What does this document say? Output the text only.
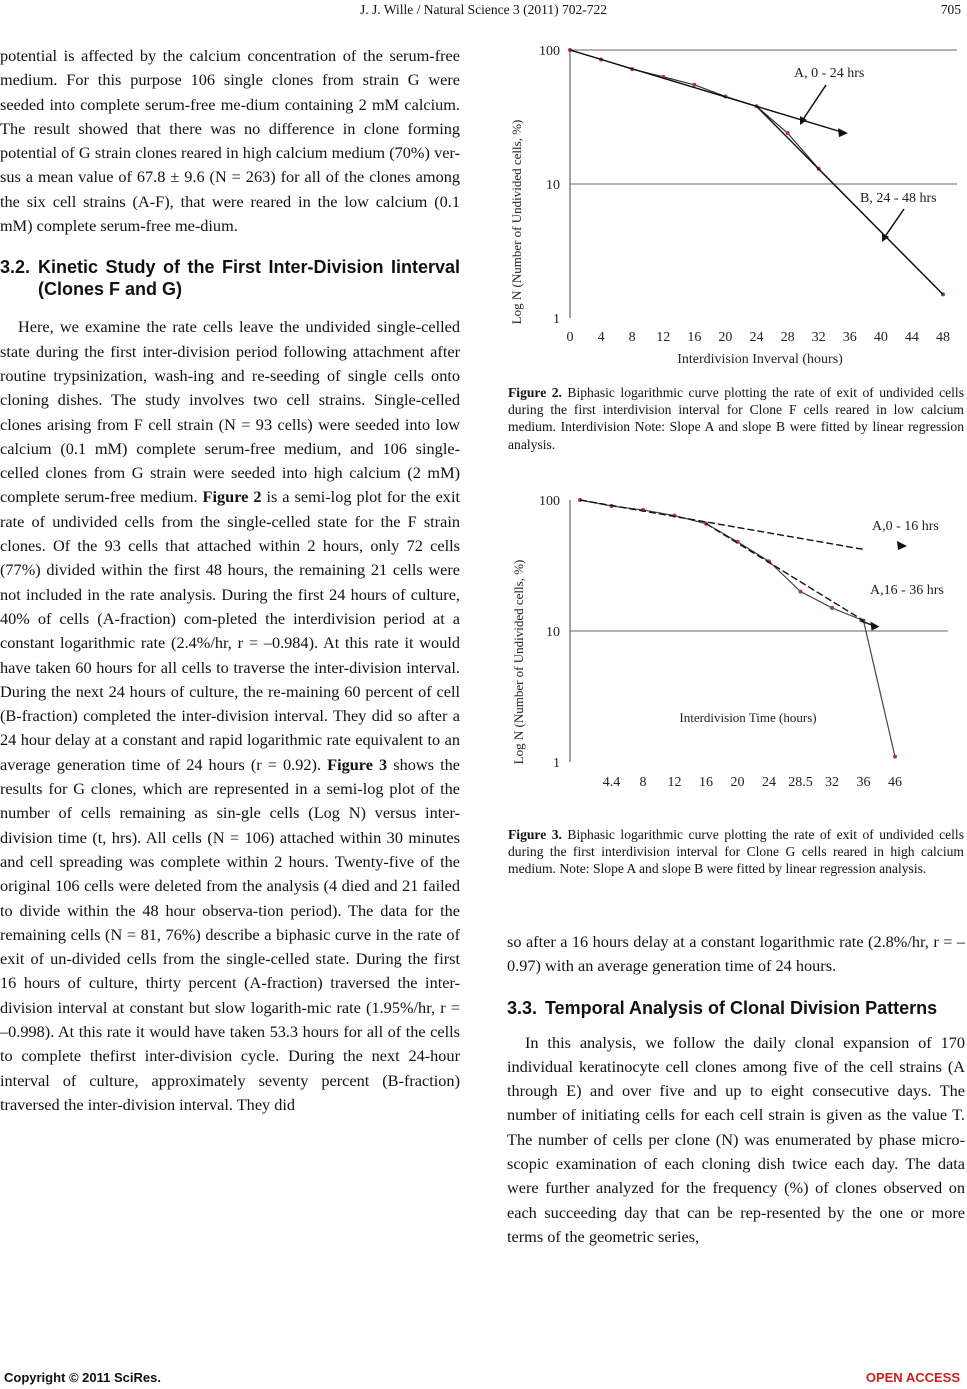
J. J. Wille / Natural Science 3 (2011) 702-722	705

potential is affected by the calcium concentration of the serum-free medium. For this purpose 106 single clones from strain G were seeded into complete serum-free me-dium containing 2 mM calcium. The result showed that there was no difference in clone forming potential of G strain clones reared in high calcium medium (70%) ver-sus a mean value of 67.8 ± 9.6 (N = 263) for all of the clones among the six cell strains (A-F), that were reared in the low calcium (0.1 mM) complete serum-free me-dium.

3.2. Kinetic Study of the First Inter-Division Iinterval (Clones F and G)

Here, we examine the rate cells leave the undivided single-celled state during the first inter-division period following attachment after routine trypsinization, wash-ing and re-seeding of single cells onto cloning dishes. The study involves two cell strains. Single-celled clones arising from F cell strain (N = 93 cells) were seeded into low calcium (0.1 mM) complete serum-free medium, and 106 single-celled clones from G strain were seeded into high calcium (2 mM) complete serum-free medium. Figure 2 is a semi-log plot for the exit rate of undivided cells from the single-celled state for the F strain clones. Of the 93 cells that attached within 2 hours, only 72 cells (77%) divided within the first 48 hours, the remaining 21 cells were not included in the rate analysis. During the first 24 hours of culture, 40% of cells (A-fraction) com-pleted the interdivision period at a constant logarithmic rate (2.4%/hr, r = –0.984). At this rate it would have taken 60 hours for all cells to traverse the inter-division interval. During the next 24 hours of culture, the re-maining 60 percent of cell (B-fraction) completed the inter-division interval. They did so after a 24 hour delay at a constant and rapid logarithmic rate equivalent to an average generation time of 24 hours (r = 0.92). Figure 3 shows the results for G clones, which are represented in a semi-log plot of the number of cells remaining as sin-gle cells (Log N) versus inter-division time (t, hrs). All cells (N = 106) attached within 30 minutes and cell spreading was complete within 2 hours. Twenty-five of the original 106 cells were deleted from the analysis (4 died and 21 failed to divide within the 48 hour observa-tion period). The data for the remaining cells (N = 81, 76%) describe a biphasic curve in the rate of exit of un-divided cells from the single-celled state. During the first 16 hours of culture, thirty percent (A-fraction) traversed the inter-division interval at constant but slow logarith-mic rate (1.95%/hr, r = –0.998). At this rate it would have taken 53.3 hours for all of the cells to complete thefirst inter-division cycle. During the next 24-hour interval of culture, approximately seventy percent (B-fraction) traversed the inter-division interval. They did

Log N (Number of Undivided cells, %)
Interdivision Inverval (hours)
100
10
1
0 4 8 12 16 20 24 28 32 36 40 44 48
A, 0 - 24 hrs
B, 24 - 48 hrs
Figure 2. Biphasic logarithmic curve plotting the rate of exit of undivided cells during the first interdivision interval for Clone F cells reared in low calcium medium. Interdivision Note: Slope A and slope B were fitted by linear regression analysis.
Log N (Number of Undivided cells, %)	Interdivision Time (hours)
100
10
1
4.4 8 12 16 20 24 28.5 32 36 46
A,0 - 16 hrs
A,16 - 36 hrs
Figure 3. Biphasic logarithmic curve plotting the rate of exit of undivided cells during the first interdivision interval for Clone G cells reared in high calcium medium. Note: Slope A and slope B were fitted by linear regression analysis.

so after a 16 hours delay at a constant logarithmic rate (2.8%/hr, r = –0.97) with an average generation time of 24 hours.

3.3. Temporal Analysis of Clonal Division Patterns

In this analysis, we follow the daily clonal expansion of 170 individual keratinocyte cell clones among five of the cell strains (A through E) and over five and up to eight consecutive days. The number of initiating cells for each cell strain is given as the value T. The number of cells per clone (N) was enumerated by phase micro-scopic examination of each cloning dish twice each day. The data were further analyzed for the frequency (%) of clones observed on each succeeding day that can be rep-resented by the one or more terms of the geometric series,

Copyright © 2011 SciRes.	OPEN ACCESS
